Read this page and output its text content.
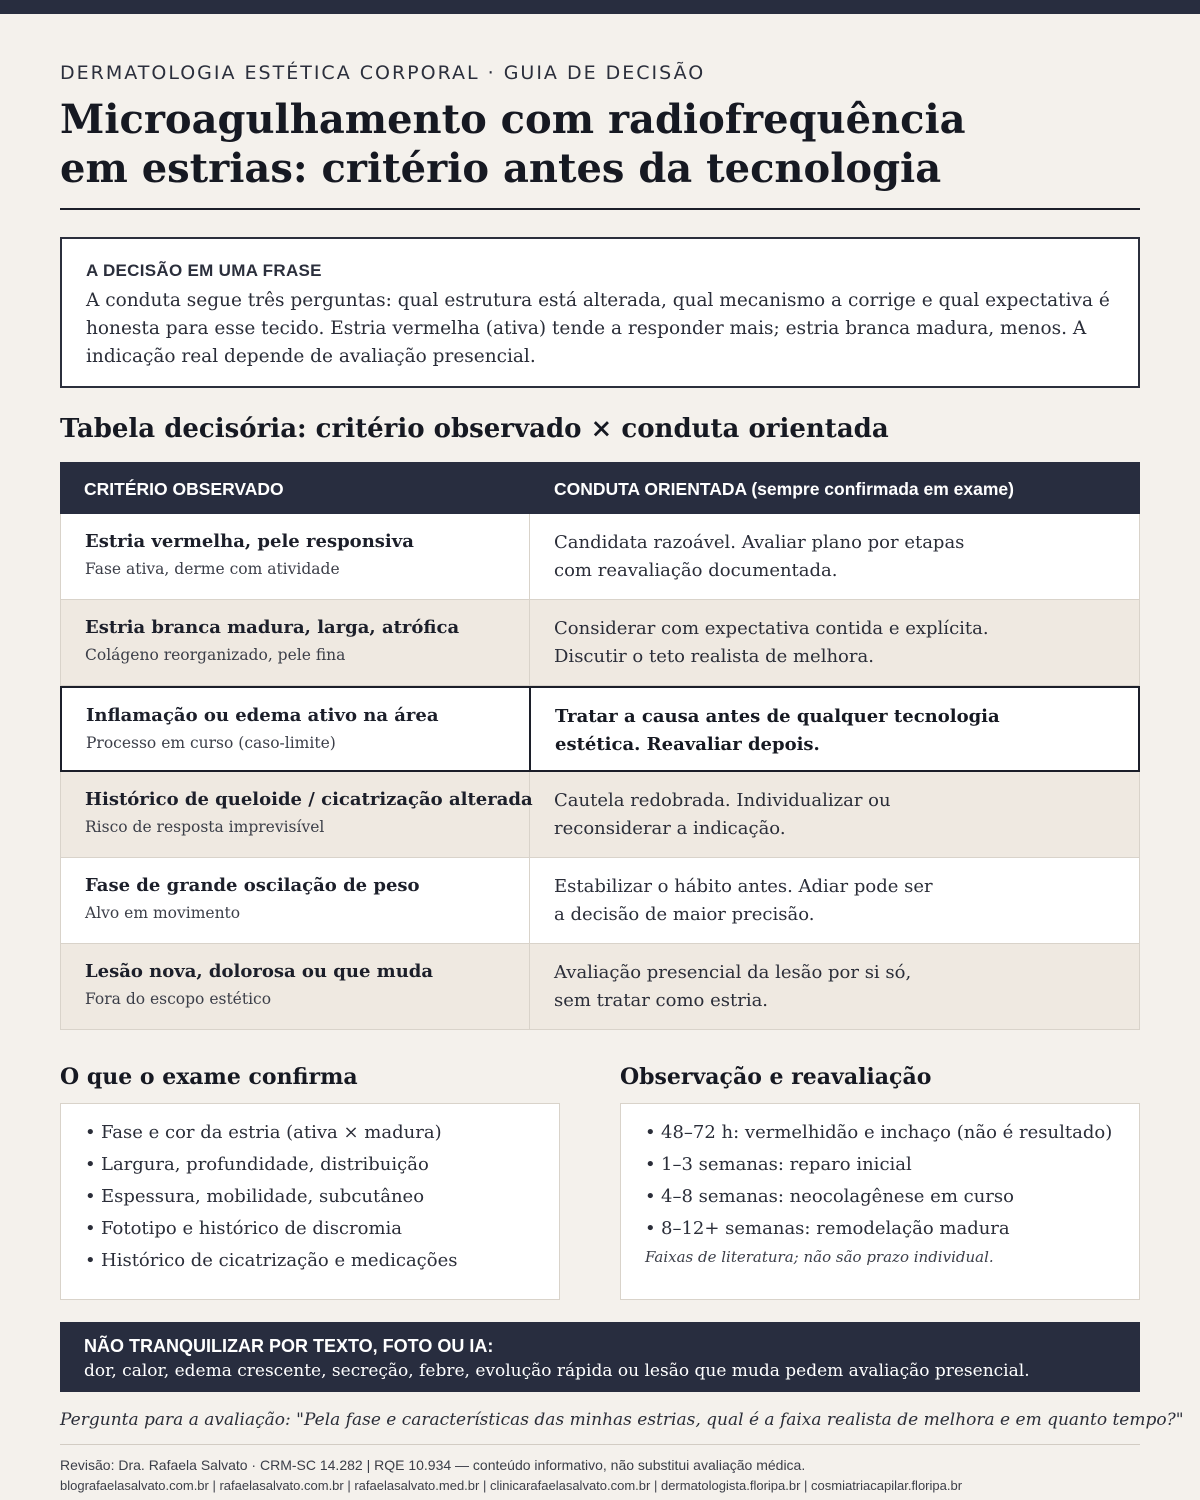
DERMATOLOGIA ESTÉTICA CORPORAL · GUIA DE DECISÃO
Microagulhamento com radiofrequência
em estrias: critério antes da tecnologia
A DECISÃO EM UMA FRASE
A conduta segue três perguntas: qual estrutura está alterada, qual mecanismo a corrige e qual expectativa é honesta para esse tecido. Estria vermelha (ativa) tende a responder mais; estria branca madura, menos. A indicação real depende de avaliação presencial.
Tabela decisória: critério observado × conduta orientada
CRITÉRIO OBSERVADO	CONDUTA ORIENTADA (sempre confirmada em exame)
Estria vermelha, pele responsiva
Fase ativa, derme com atividade
Candidata razoável. Avaliar plano por etapas
com reavaliação documentada.
Estria branca madura, larga, atrófica
Colágeno reorganizado, pele fina
Considerar com expectativa contida e explícita.
Discutir o teto realista de melhora.
Inflamação ou edema ativo na área
Processo em curso (caso-limite)
Tratar a causa antes de qualquer tecnologia
estética. Reavaliar depois.
Histórico de queloide / cicatrização alterada
Risco de resposta imprevisível
Cautela redobrada. Individualizar ou
reconsiderar a indicação.
Fase de grande oscilação de peso
Alvo em movimento
Estabilizar o hábito antes. Adiar pode ser
a decisão de maior precisão.
Lesão nova, dolorosa ou que muda
Fora do escopo estético
Avaliação presencial da lesão por si só,
sem tratar como estria.
O que o exame confirma	Observação e reavaliação
• Fase e cor da estria (ativa × madura)
• Largura, profundidade, distribuição
• Espessura, mobilidade, subcutâneo
• Fototipo e histórico de discromia
• Histórico de cicatrização e medicações
• 48–72 h: vermelhidão e inchaço (não é resultado)
• 1–3 semanas: reparo inicial
• 4–8 semanas: neocolagênese em curso
• 8–12+ semanas: remodelação madura
Faixas de literatura; não são prazo individual.
NÃO TRANQUILIZAR POR TEXTO, FOTO OU IA:
dor, calor, edema crescente, secreção, febre, evolução rápida ou lesão que muda pedem avaliação presencial.
Pergunta para a avaliação: "Pela fase e características das minhas estrias, qual é a faixa realista de melhora e em quanto tempo?"
Revisão: Dra. Rafaela Salvato · CRM-SC 14.282 | RQE 10.934 — conteúdo informativo, não substitui avaliação médica.
blografaelasalvato.com.br | rafaelasalvato.com.br | rafaelasalvato.med.br | clinicarafaelasalvato.com.br | dermatologista.floripa.br | cosmiatriacapilar.floripa.br
